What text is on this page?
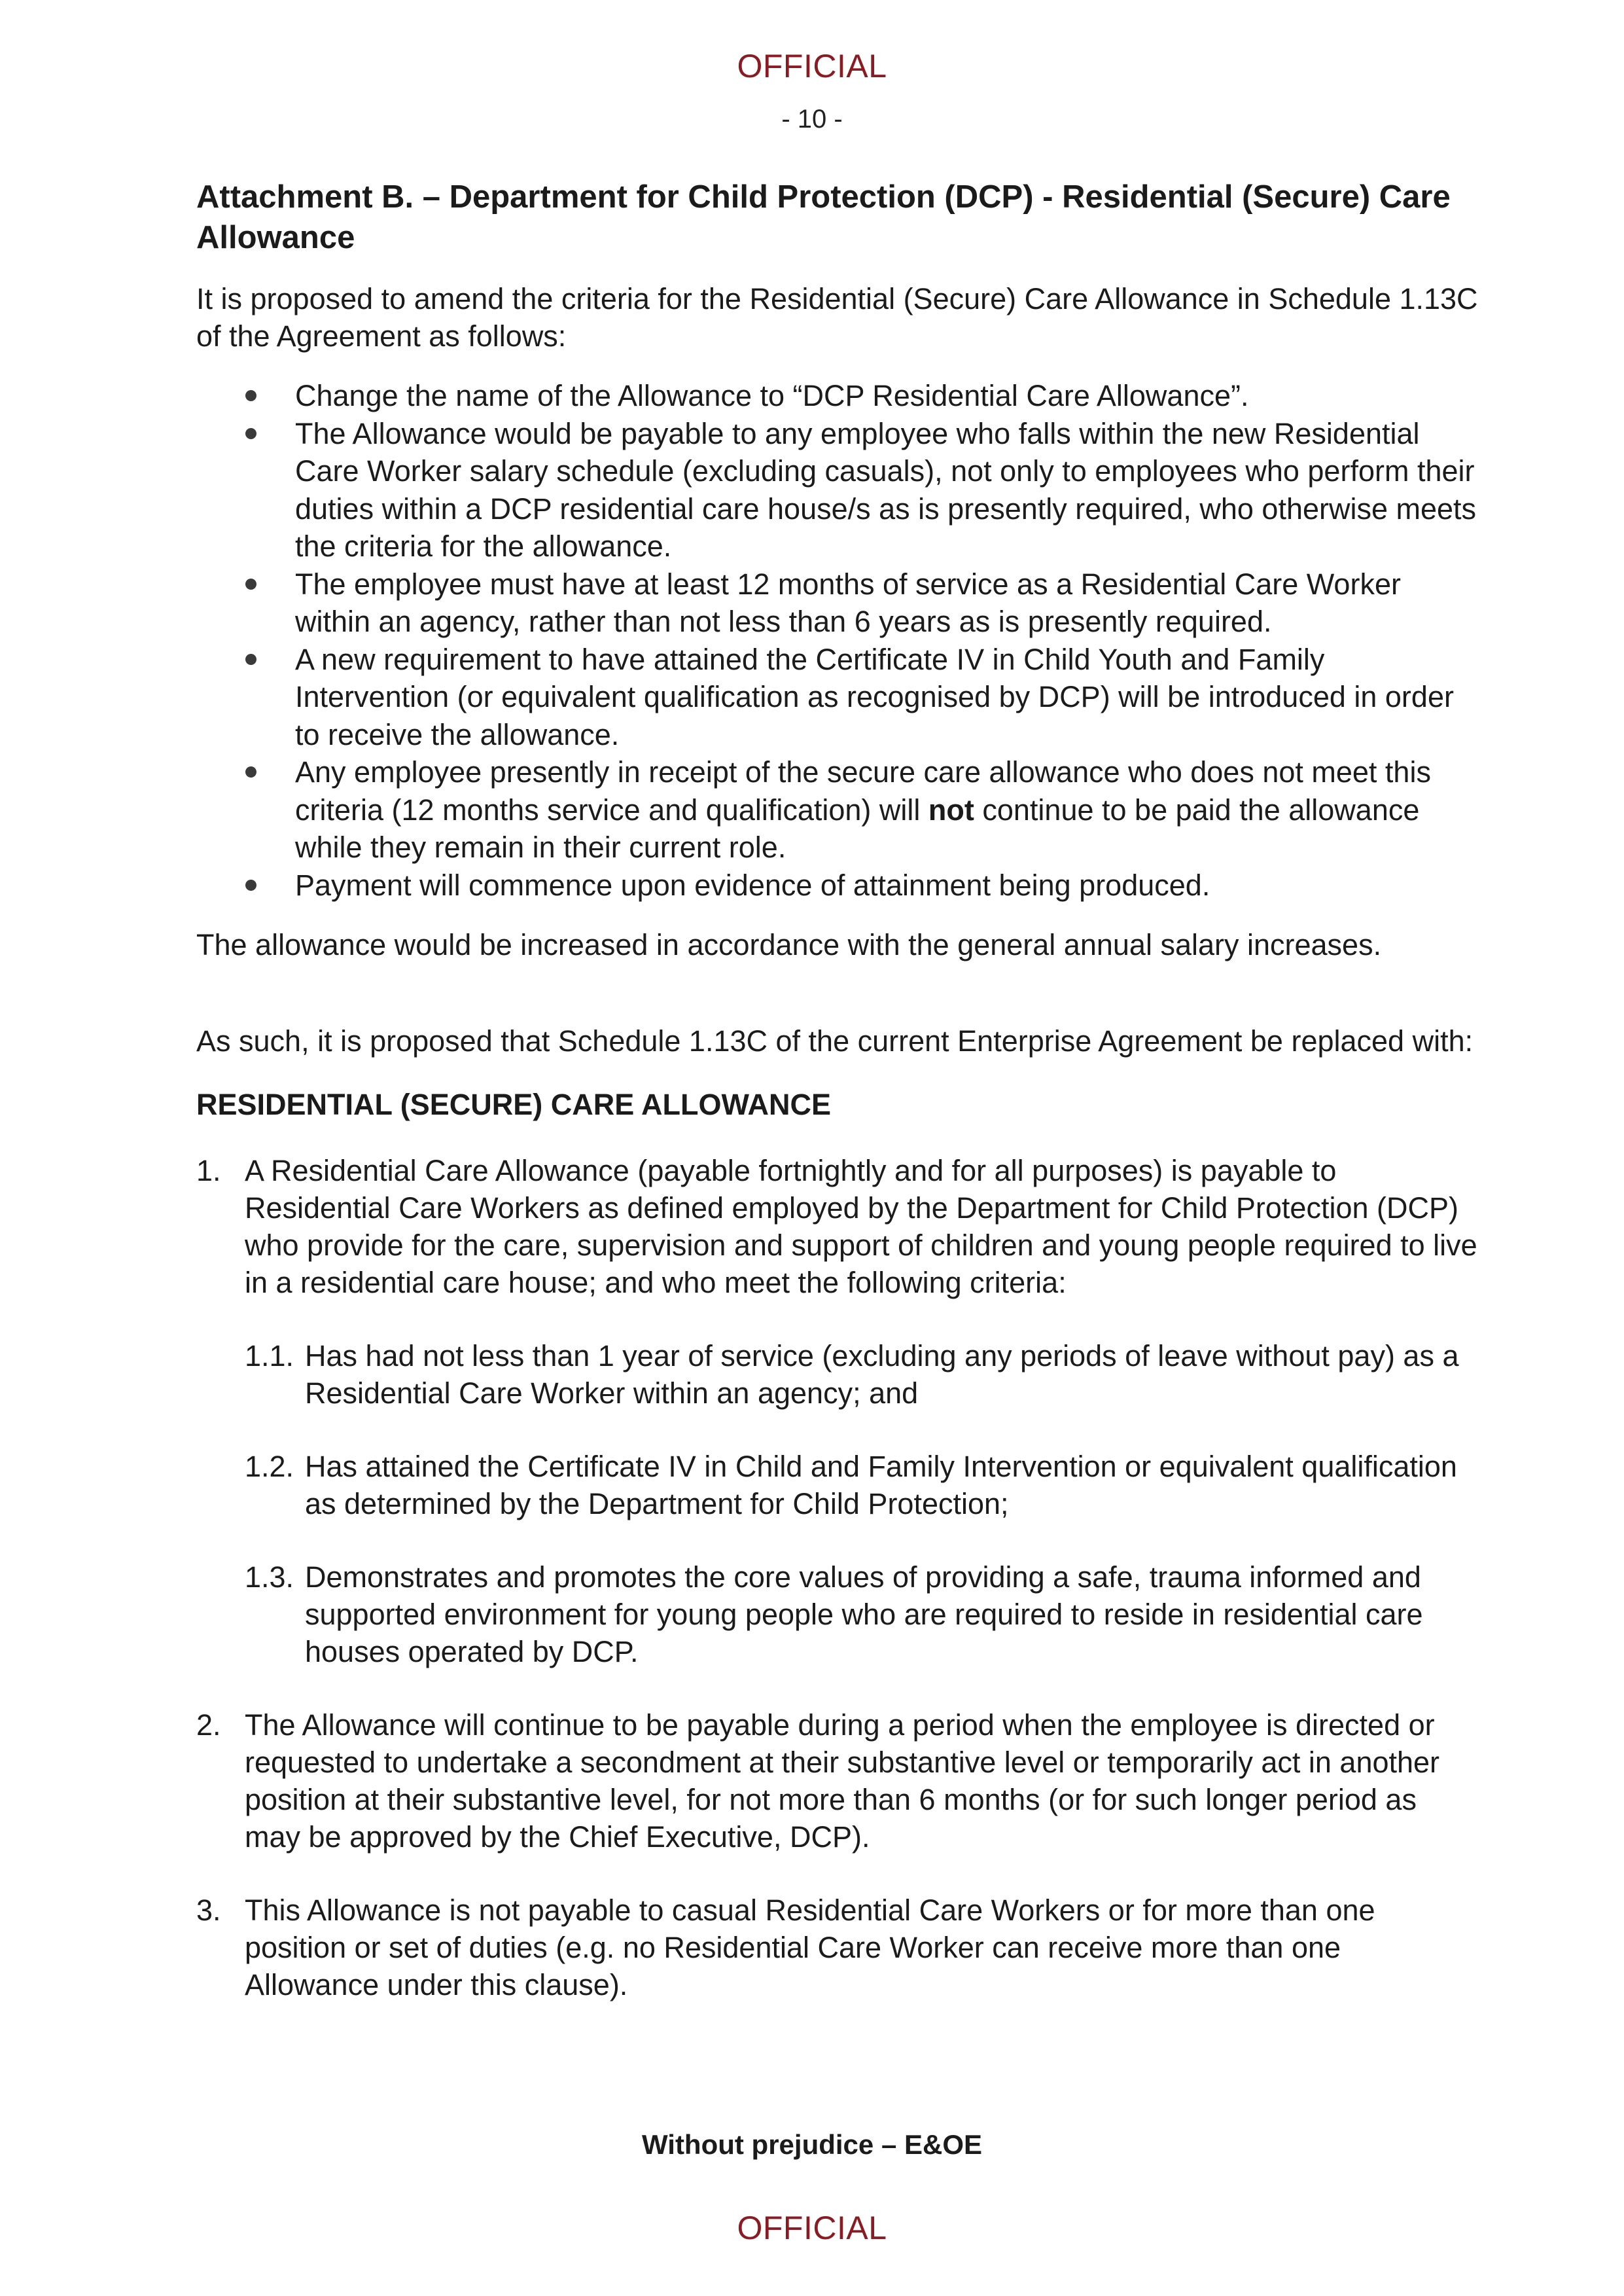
OFFICIAL
- 10 -

Attachment B. – Department for Child Protection (DCP) - Residential (Secure) Care Allowance

It is proposed to amend the criteria for the Residential (Secure) Care Allowance in Schedule 1.13C of the Agreement as follows:

Change the name of the Allowance to “DCP Residential Care Allowance”.
The Allowance would be payable to any employee who falls within the new Residential Care Worker salary schedule (excluding casuals), not only to employees who perform their duties within a DCP residential care house/s as is presently required, who otherwise meets the criteria for the allowance.
The employee must have at least 12 months of service as a Residential Care Worker within an agency, rather than not less than 6 years as is presently required.
A new requirement to have attained the Certificate IV in Child Youth and Family Intervention (or equivalent qualification as recognised by DCP) will be introduced in order to receive the allowance.
Any employee presently in receipt of the secure care allowance who does not meet this criteria (12 months service and qualification) will not continue to be paid the allowance while they remain in their current role.
Payment will commence upon evidence of attainment being produced.

The allowance would be increased in accordance with the general annual salary increases.

As such, it is proposed that Schedule 1.13C of the current Enterprise Agreement be replaced with:

RESIDENTIAL (SECURE) CARE ALLOWANCE

1. A Residential Care Allowance (payable fortnightly and for all purposes) is payable to Residential Care Workers as defined employed by the Department for Child Protection (DCP) who provide for the care, supervision and support of children and young people required to live in a residential care house; and who meet the following criteria:
1.1. Has had not less than 1 year of service (excluding any periods of leave without pay) as a Residential Care Worker within an agency; and
1.2. Has attained the Certificate IV in Child and Family Intervention or equivalent qualification as determined by the Department for Child Protection;
1.3. Demonstrates and promotes the core values of providing a safe, trauma informed and supported environment for young people who are required to reside in residential care houses operated by DCP.
2. The Allowance will continue to be payable during a period when the employee is directed or requested to undertake a secondment at their substantive level or temporarily act in another position at their substantive level, for not more than 6 months (or for such longer period as may be approved by the Chief Executive, DCP).
3. This Allowance is not payable to casual Residential Care Workers or for more than one position or set of duties (e.g. no Residential Care Worker can receive more than one Allowance under this clause).
Without prejudice – E&OE
OFFICIAL
